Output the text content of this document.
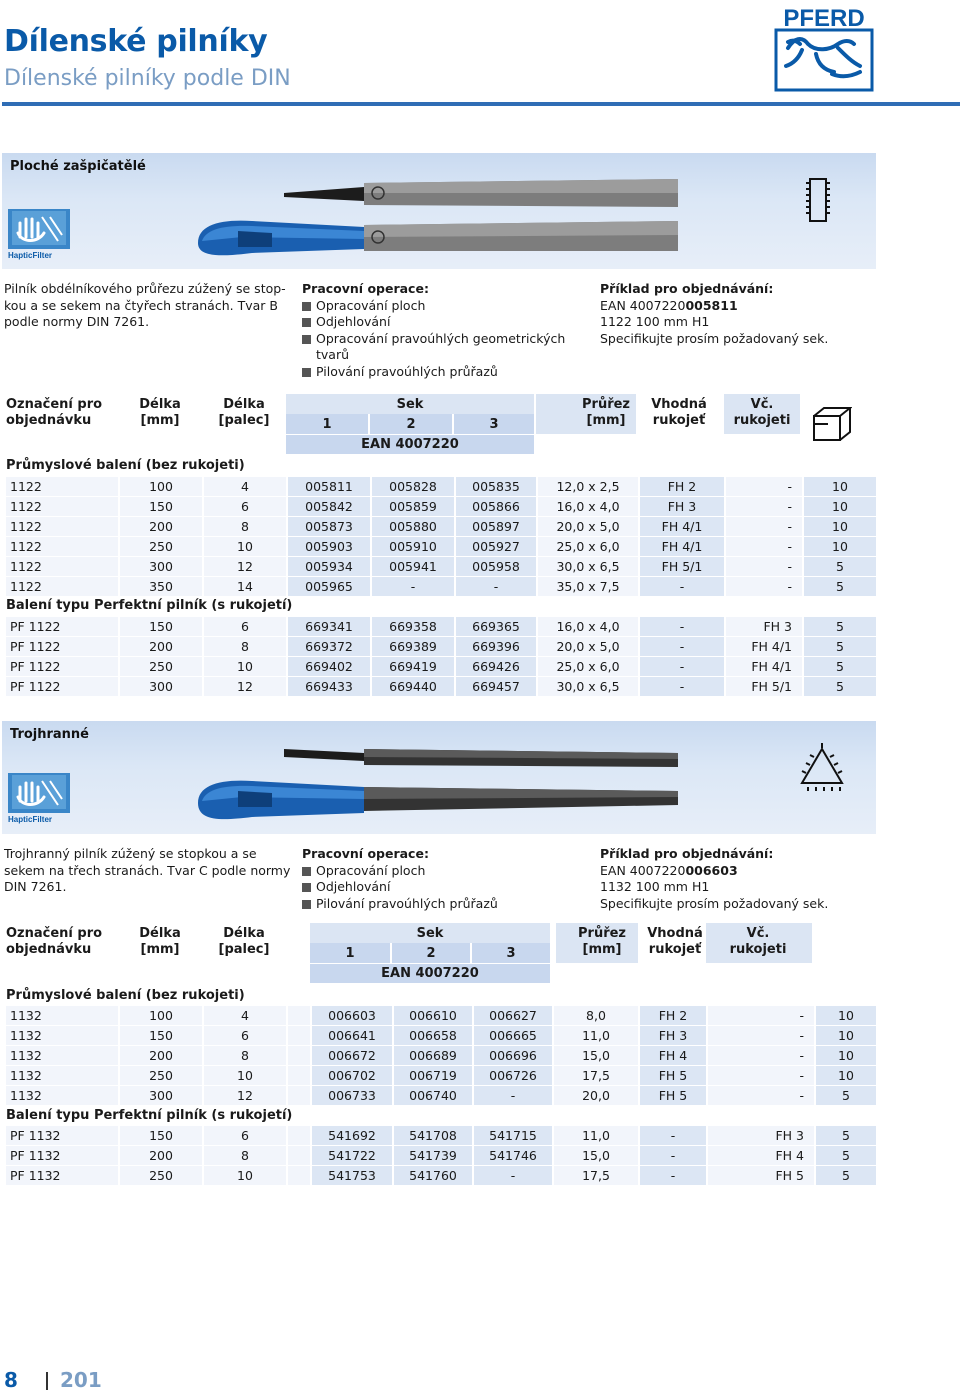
Dílenské pilníky
Dílenské pilníky podle DIN
PFERD
Ploché zašpičatělé
HapticFilter
Pilník obdélníkového průřezu zúžený se stop-
kou a se sekem na čtyřech stranách. Tvar B
podle normy DIN 7261.
Pracovní operace:
Opracování ploch
Odjehlování
Opracování pravoúhlých geometrických
tvarů
Pilování pravoúhlých průřazů
Příklad pro objednávání:
EAN 4007220005811
1122 100 mm H1
Specifikujte prosím požadovaný sek.
Označení pro
objednávku
Délka
[mm]
Délka
[palec]
Sek
1	2	3
EAN 4007220
Průřez
[mm]
Vhodná
rukojeť
Vč.
rukojeti
Průmyslové balení (bez rukojeti)
1122	100	4	005811	005828	005835	12,0 x 2,5	FH 2	-	10
1122	150	6	005842	005859	005866	16,0 x 4,0	FH 3	-	10
1122	200	8	005873	005880	005897	20,0 x 5,0	FH 4/1	-	10
1122	250	10	005903	005910	005927	25,0 x 6,0	FH 4/1	-	10
1122	300	12	005934	005941	005958	30,0 x 6,5	FH 5/1	-	5
1122	350	14	005965	-	-	35,0 x 7,5	-	-	5
Balení typu Perfektní pilník (s rukojetí)
PF 1122	150	6	669341	669358	669365	16,0 x 4,0	-	FH 3	5
PF 1122	200	8	669372	669389	669396	20,0 x 5,0	-	FH 4/1	5
PF 1122	250	10	669402	669419	669426	25,0 x 6,0	-	FH 4/1	5
PF 1122	300	12	669433	669440	669457	30,0 x 6,5	-	FH 5/1	5
Trojhranné
HapticFilter
Trojhranný pilník zúžený se stopkou a se
sekem na třech stranách. Tvar C podle normy
DIN 7261.
Pracovní operace:
Opracování ploch
Odjehlování
Pilování pravoúhlých průřazů
Příklad pro objednávání:
EAN 4007220006603
1132 100 mm H1
Specifikujte prosím požadovaný sek.
Označení pro
objednávku
Délka
[mm]
Délka
[palec]
Sek
1	2	3
EAN 4007220
Průřez
[mm]
Vhodná
rukojeť
Vč.
rukojeti
Průmyslové balení (bez rukojeti)
1132	100	4	006603	006610	006627	8,0	FH 2	-	10
1132	150	6	006641	006658	006665	11,0	FH 3	-	10
1132	200	8	006672	006689	006696	15,0	FH 4	-	10
1132	250	10	006702	006719	006726	17,5	FH 5	-	10
1132	300	12	006733	006740	-	20,0	FH 5	-	5
Balení typu Perfektní pilník (s rukojetí)
PF 1132	150	6	541692	541708	541715	11,0	-	FH 3	5
PF 1132	200	8	541722	541739	541746	15,0	-	FH 4	5
PF 1132	250	10	541753	541760	-	17,5	-	FH 5	5
8 201
